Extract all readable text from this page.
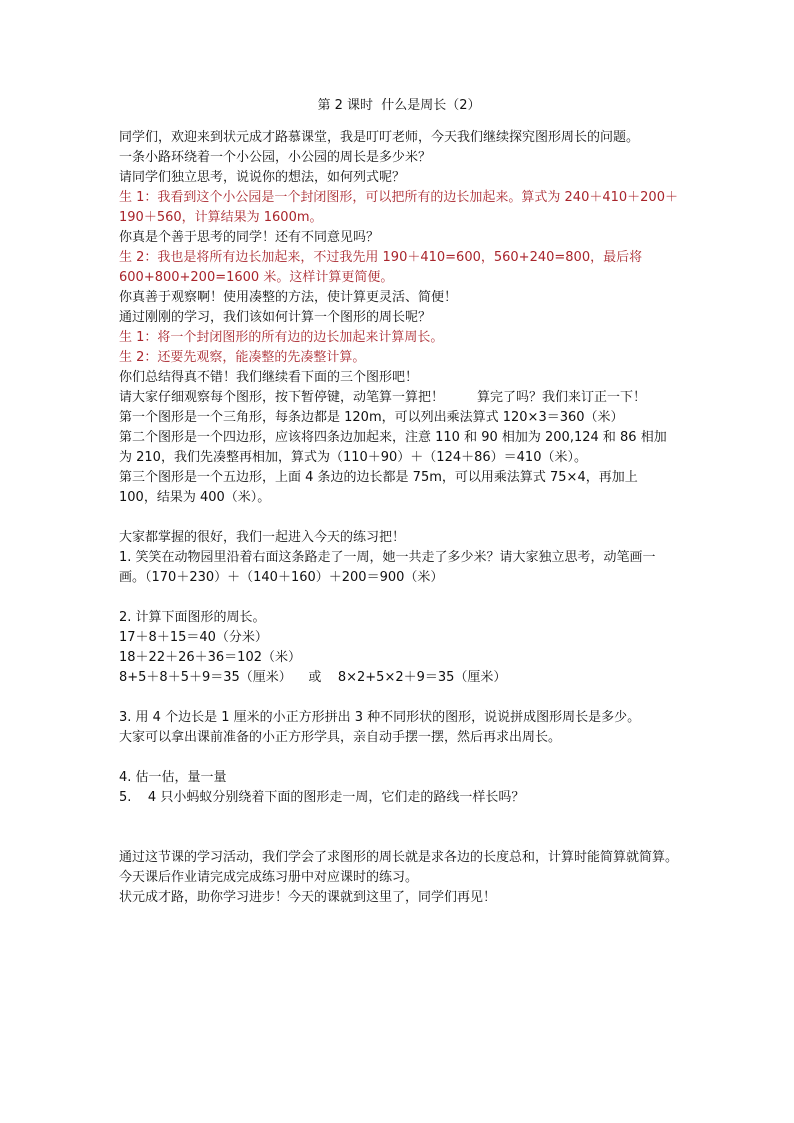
第 2 课时  什么是周长（2）

同学们，欢迎来到状元成才路慕课堂，我是叮叮老师，今天我们继续探究图形周长的问题。

一条小路环绕着一个小公园，小公园的周长是多少米？

请同学们独立思考，说说你的想法，如何列式呢？

生 1：我看到这个小公园是一个封闭图形，可以把所有的边长加起来。算式为 240＋410＋200＋190＋560，计算结果为 1600m。

你真是个善于思考的同学！还有不同意见吗？

生 2：我也是将所有边长加起来，不过我先用 190＋410=600，560+240=800，最后将600+800+200=1600 米。这样计算更简便。

你真善于观察啊！使用凑整的方法，使计算更灵活、简便！

通过刚刚的学习，我们该如何计算一个图形的周长呢？

生 1：将一个封闭图形的所有边的边长加起来计算周长。

生 2：还要先观察，能凑整的先凑整计算。

你们总结得真不错！我们继续看下面的三个图形吧！

请大家仔细观察每个图形，按下暂停键，动笔算一算把！        算完了吗？我们来订正一下！

第一个图形是一个三角形，每条边都是 120m，可以列出乘法算式 120×3＝360（米）

第二个图形是一个四边形，应该将四条边加起来，注意 110 和 90 相加为 200,124 和 86 相加为 210，我们先凑整再相加，算式为（110＋90）＋（124＋86）＝410（米）。

第三个图形是一个五边形，上面 4 条边的边长都是 75m，可以用乘法算式 75×4，再加上 100，结果为 400（米）。

大家都掌握的很好，我们一起进入今天的练习把！

1. 笑笑在动物园里沿着右面这条路走了一周，她一共走了多少米？请大家独立思考，动笔画一画。（170＋230）＋（140＋160）＋200＝900（米）

2. 计算下面图形的周长。

17＋8＋15＝40（分米）

18＋22＋26＋36＝102（米）

8+5＋8＋5＋9＝35（厘米）    或    8×2+5×2＋9＝35（厘米）

3. 用 4 个边长是 1 厘米的小正方形拼出 3 种不同形状的图形，说说拼成图形周长是多少。

大家可以拿出课前准备的小正方形学具，亲自动手摆一摆，然后再求出周长。

4. 估一估，量一量

5.    4 只小蚂蚁分别绕着下面的图形走一周，它们走的路线一样长吗？

通过这节课的学习活动，我们学会了求图形的周长就是求各边的长度总和，计算时能简算就简算。

今天课后作业请完成完成练习册中对应课时的练习。

状元成才路，助你学习进步！今天的课就到这里了，同学们再见！
